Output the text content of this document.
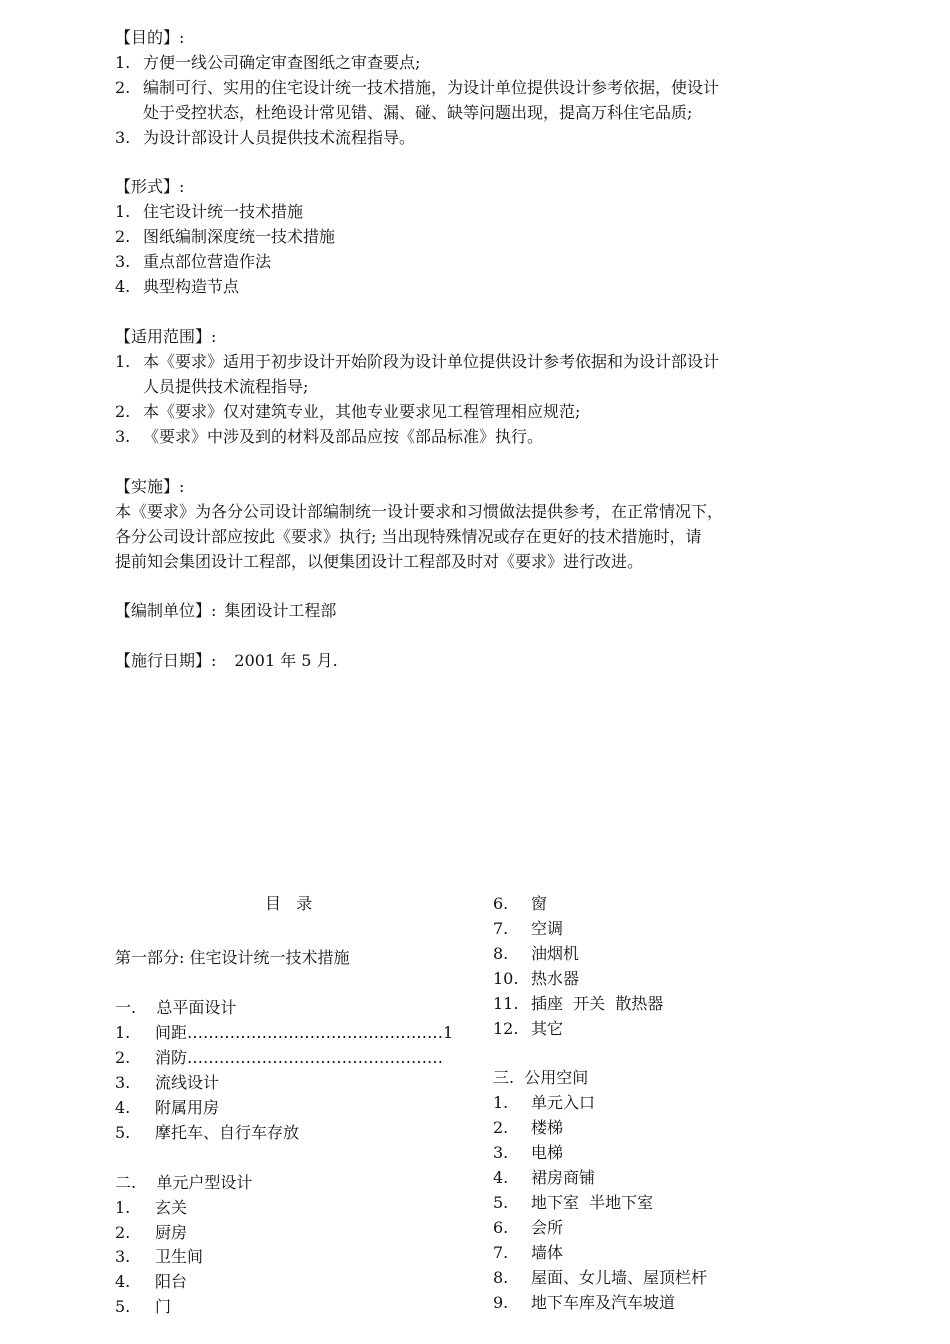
【目的】:
1. 方便一线公司确定审查图纸之审查要点;
2. 编制可行、实用的住宅设计统一技术措施，为设计单位提供设计参考依据，使设计
处于受控状态，杜绝设计常见错、漏、碰、缺等问题出现，提高万科住宅品质;
3. 为设计部设计人员提供技术流程指导。
【形式】:
1. 住宅设计统一技术措施
2. 图纸编制深度统一技术措施
3. 重点部位营造作法
4. 典型构造节点
【适用范围】:
1. 本《要求》适用于初步设计开始阶段为设计单位提供设计参考依据和为设计部设计
人员提供技术流程指导;
2. 本《要求》仅对建筑专业，其他专业要求见工程管理相应规范;
3. 《要求》中涉及到的材料及部品应按《部品标准》执行。
【实施】:
本《要求》为各分公司设计部编制统一设计要求和习惯做法提供参考，在正常情况下，
各分公司设计部应按此《要求》执行; 当出现特殊情况或存在更好的技术措施时，请
提前知会集团设计工程部，以便集团设计工程部及时对《要求》进行改进。
【编制单位】: 集团设计工程部
【施行日期】: 2001 年 5 月.
目   录
第一部分: 住宅设计统一技术措施
一.    总平面设计
1. 间距…………………………………………1
2. 消防…………………………………………
3. 流线设计
4. 附属用房
5. 摩托车、自行车存放
二.    单元户型设计
1. 玄关
2. 厨房
3. 卫生间
4. 阳台
5. 门
6. 窗
7. 空调
8. 油烟机
10. 热水器
11. 插座  开关  散热器
12. 其它
三.  公用空间
1. 单元入口
2. 楼梯
3. 电梯
4. 裙房商铺
5. 地下室  半地下室
6. 会所
7. 墙体
8. 屋面、女儿墙、屋顶栏杆
9. 地下车库及汽车坡道
